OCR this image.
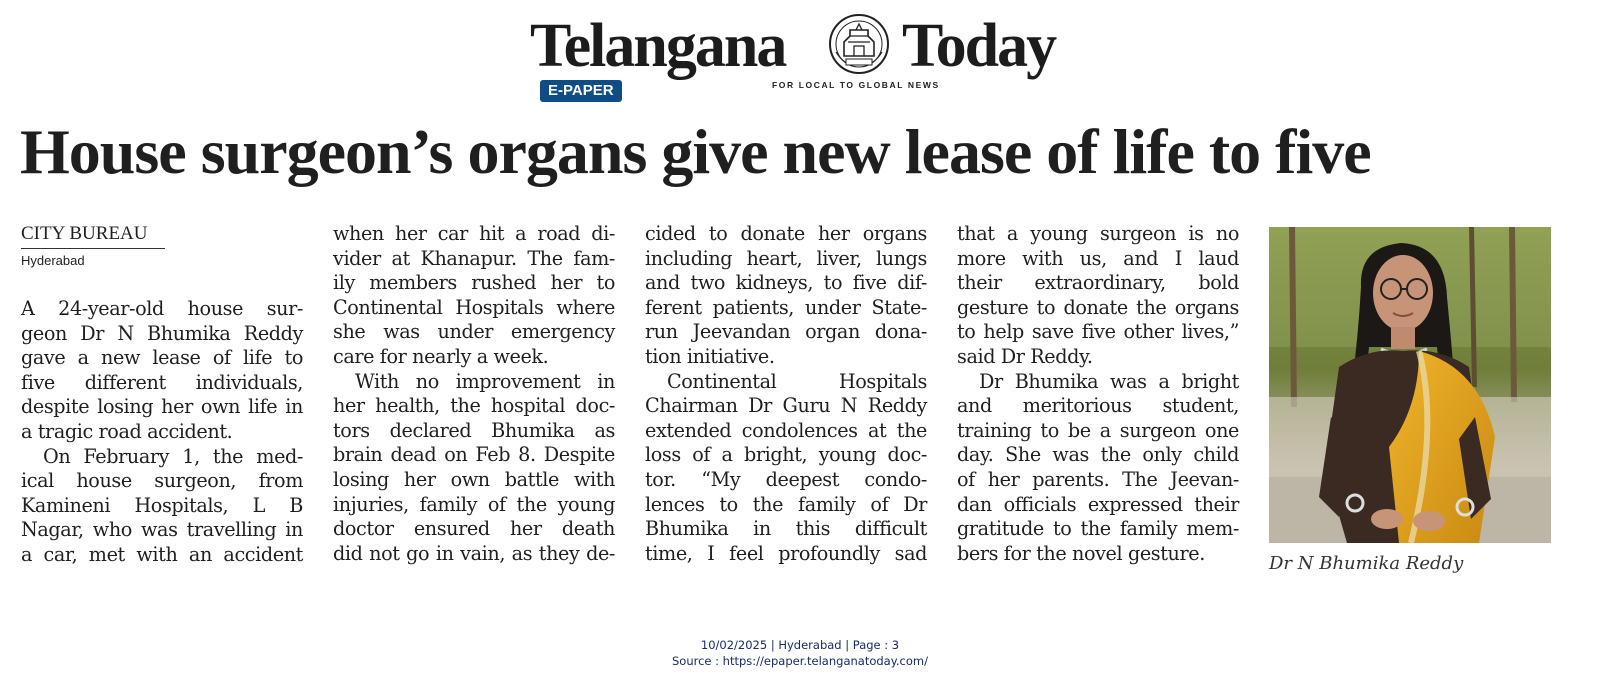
Telangana Today
E-PAPER	FOR LOCAL TO GLOBAL NEWS
House surgeon’s organs give new lease of life to five
CITY BUREAU
Hyderabad

A 24-year-old house sur-
geon Dr N Bhumika Reddy
gave a new lease of life to
five different individuals,
despite losing her own life in
a tragic road accident.

On February 1, the med-
ical house surgeon, from
Kamineni Hospitals, L B
Nagar, who was travelling in
a car, met with an accident

when her car hit a road di-
vider at Khanapur. The fam-
ily members rushed her to
Continental Hospitals where
she was under emergency
care for nearly a week.

With no improvement in
her health, the hospital doc-
tors declared Bhumika as
brain dead on Feb 8. Despite
losing her own battle with
injuries, family of the young
doctor ensured her death
did not go in vain, as they de-

cided to donate her organs
including heart, liver, lungs
and two kidneys, to five dif-
ferent patients, under State-
run Jeevandan organ dona-
tion initiative.

Continental Hospitals
Chairman Dr Guru N Reddy
extended condolences at the
loss of a bright, young doc-
tor. “My deepest condo-
lences to the family of Dr
Bhumika in this difficult
time, I feel profoundly sad

that a young surgeon is no
more with us, and I laud
their extraordinary, bold
gesture to donate the organs
to help save five other lives,”
said Dr Reddy.

Dr Bhumika was a bright
and meritorious student,
training to be a surgeon one
day. She was the only child
of her parents. The Jeevan-
dan officials expressed their
gratitude to the family mem-
bers for the novel gesture.	Dr N Bhumika Reddy
10/02/2025 | Hyderabad | Page : 3
Source : https://epaper.telanganatoday.com/
